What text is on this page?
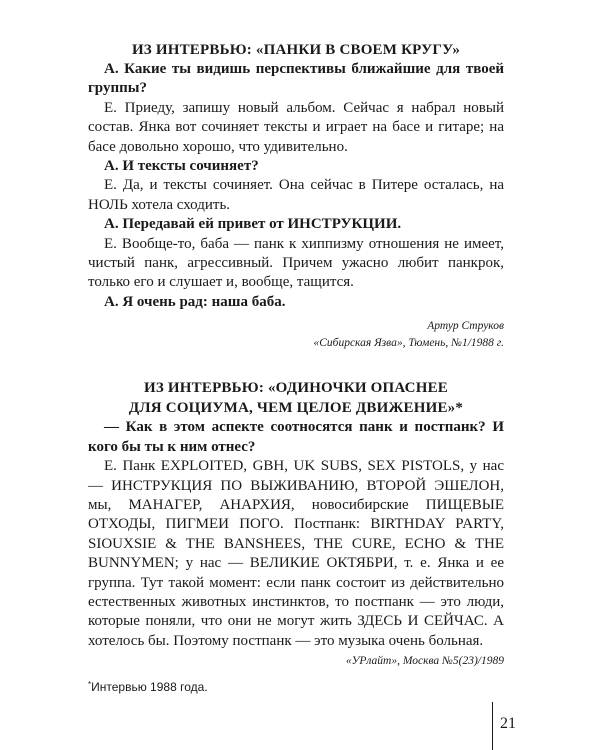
ИЗ ИНТЕРВЬЮ: «ПАНКИ В СВОЕМ КРУГУ»

А. Какие ты видишь перспективы ближайшие для твоей группы?

Е. Приеду, запишу новый альбом. Сейчас я набрал новый состав. Янка вот сочиняет тексты и играет на басе и гитаре; на басе довольно хорошо, что удивительно.

А. И тексты сочиняет?

Е. Да, и тексты сочиняет. Она сейчас в Питере осталась, на НОЛЬ хотела сходить.

А. Передавай ей привет от ИНСТРУКЦИИ.

Е. Вообще-то, баба — панк к хиппизму отношения не имеет, чистый панк, агрессивный. Причем ужасно любит панкрок, только его и слушает и, вообще, тащится.

А. Я очень рад: наша баба.

Артур Струков
«Сибирская Язва», Тюмень, №1/1988 г.

ИЗ ИНТЕРВЬЮ: «ОДИНОЧКИ ОПАСНЕЕ
ДЛЯ СОЦИУМА, ЧЕМ ЦЕЛОЕ ДВИЖЕНИЕ»*

— Как в этом аспекте соотносятся панк и постпанк? И кого бы ты к ним отнес?

Е. Панк EXPLOITED, GBH, UK SUBS, SEX PISTOLS, у нас — ИНСТРУКЦИЯ ПО ВЫЖИВАНИЮ, ВТОРОЙ ЭШЕЛОН, мы, МАНАГЕР, АНАРХИЯ, новосибирские ПИЩЕВЫЕ ОТХОДЫ, ПИГМЕИ ПОГО. Постпанк: BIRTHDAY PARTY, SIOUXSIE & THE BANSHEES, THE CURE, ECHO & THE BUNNYMEN; у нас — ВЕЛИКИЕ ОКТЯБРИ, т. е. Янка и ее группа. Тут такой момент: если панк состоит из действительно естественных животных инстинктов, то постпанк — это люди, которые поняли, что они не могут жить ЗДЕСЬ И СЕЙЧАС. А хотелось бы. Поэтому постпанк — это музыка очень больная.

«УРлайт», Москва №5(23)/1989

*Интервью 1988 года.

21
